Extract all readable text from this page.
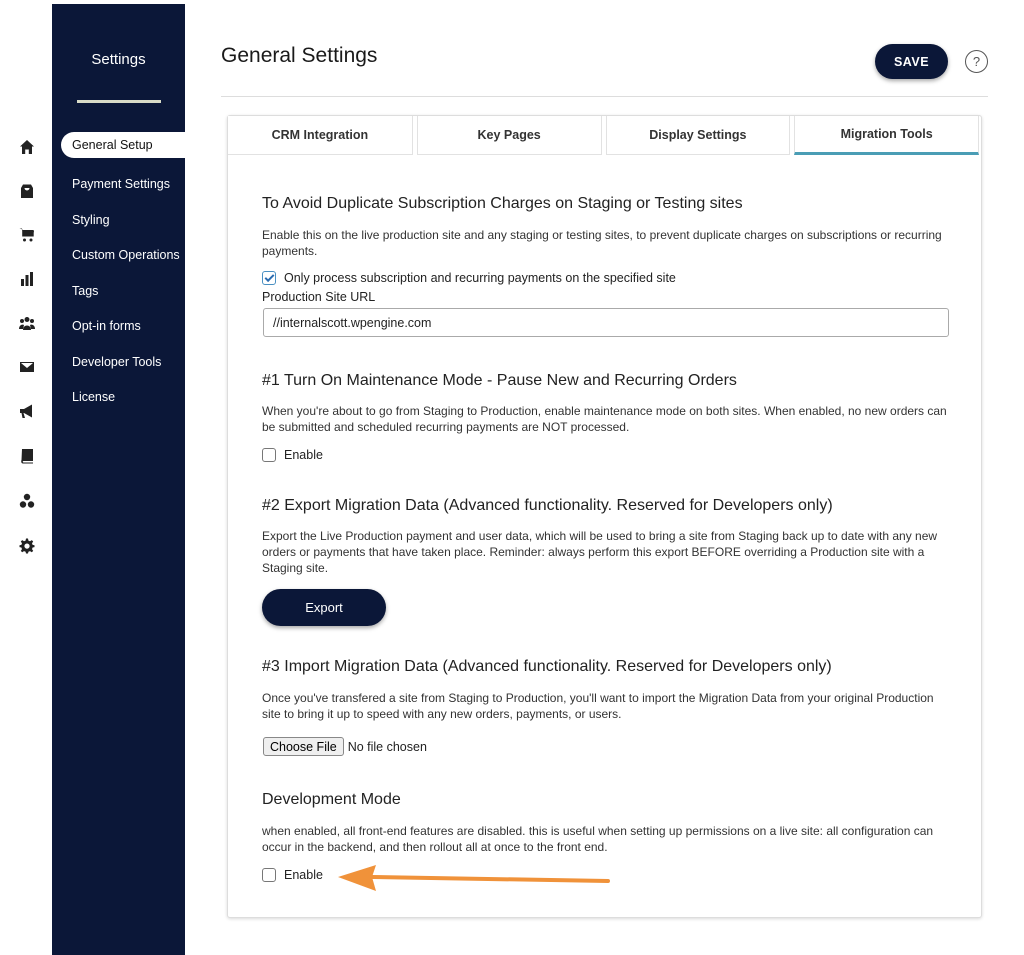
Settings
General Setup
Payment Settings
Styling
Custom Operations
Tags
Opt-in forms
Developer Tools
License
General Settings	SAVE	?
CRM Integration	Key Pages	Display Settings	Migration Tools
To Avoid Duplicate Subscription Charges on Staging or Testing sites
Enable this on the live production site and any staging or testing sites, to prevent duplicate charges on subscriptions or recurring payments.
Only process subscription and recurring payments on the specified site
Production Site URL
//internalscott.wpengine.com
#1 Turn On Maintenance Mode - Pause New and Recurring Orders
When you're about to go from Staging to Production, enable maintenance mode on both sites. When enabled, no new orders can be submitted and scheduled recurring payments are NOT processed.
Enable
#2 Export Migration Data (Advanced functionality. Reserved for Developers only)
Export the Live Production payment and user data, which will be used to bring a site from Staging back up to date with any new orders or payments that have taken place. Reminder: always perform this export BEFORE overriding a Production site with a Staging site.
Export
#3 Import Migration Data (Advanced functionality. Reserved for Developers only)
Once you've transfered a site from Staging to Production, you'll want to import the Migration Data from your original Production site to bring it up to speed with any new orders, payments, or users.
Choose File No file chosen
Development Mode
when enabled, all front-end features are disabled. this is useful when setting up permissions on a live site: all configuration can occur in the backend, and then rollout all at once to the front end.
Enable
